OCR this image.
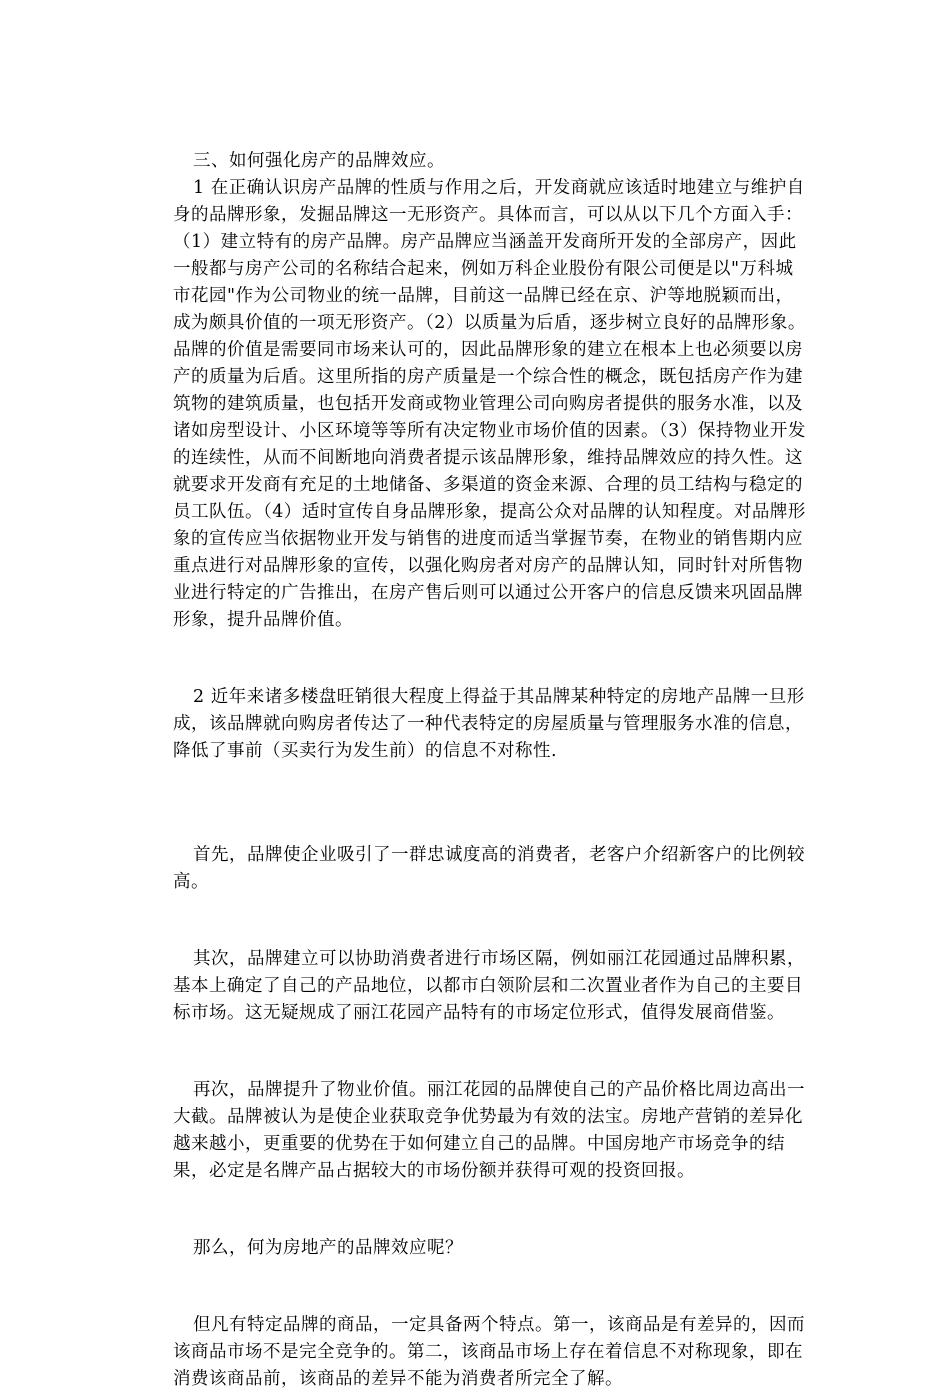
三、如何强化房产的品牌效应。

1 在正确认识房产品牌的性质与作用之后，开发商就应该适时地建立与维护自身的品牌形象，发掘品牌这一无形资产。具体而言，可以从以下几个方面入手：（1）建立特有的房产品牌。房产品牌应当涵盖开发商所开发的全部房产，因此一般都与房产公司的名称结合起来，例如万科企业股份有限公司便是以"万科城市花园"作为公司物业的统一品牌，目前这一品牌已经在京、沪等地脱颖而出，成为颇具价值的一项无形资产。（2）以质量为后盾，逐步树立良好的品牌形象。品牌的价值是需要同市场来认可的，因此品牌形象的建立在根本上也必须要以房产的质量为后盾。这里所指的房产质量是一个综合性的概念，既包括房产作为建筑物的建筑质量，也包括开发商或物业管理公司向购房者提供的服务水准，以及诸如房型设计、小区环境等等所有决定物业市场价值的因素。（3）保持物业开发的连续性，从而不间断地向消费者提示该品牌形象，维持品牌效应的持久性。这就要求开发商有充足的土地储备、多渠道的资金来源、合理的员工结构与稳定的员工队伍。（4）适时宣传自身品牌形象，提高公众对品牌的认知程度。对品牌形象的宣传应当依据物业开发与销售的进度而适当掌握节奏，在物业的销售期内应重点进行对品牌形象的宣传，以强化购房者对房产的品牌认知，同时针对所售物业进行特定的广告推出，在房产售后则可以通过公开客户的信息反馈来巩固品牌形象，提升品牌价值。

2 近年来诸多楼盘旺销很大程度上得益于其品牌某种特定的房地产品牌一旦形成，该品牌就向购房者传达了一种代表特定的房屋质量与管理服务水准的信息，降低了事前（买卖行为发生前）的信息不对称性.

首先，品牌使企业吸引了一群忠诚度高的消费者，老客户介绍新客户的比例较高。

其次，品牌建立可以协助消费者进行市场区隔，例如丽江花园通过品牌积累，基本上确定了自己的产品地位，以都市白领阶层和二次置业者作为自己的主要目标市场。这无疑规成了丽江花园产品特有的市场定位形式，值得发展商借鉴。

再次，品牌提升了物业价值。丽江花园的品牌使自己的产品价格比周边高出一大截。品牌被认为是使企业获取竞争优势最为有效的法宝。房地产营销的差异化越来越小，更重要的优势在于如何建立自己的品牌。中国房地产市场竞争的结果，必定是名牌产品占据较大的市场份额并获得可观的投资回报。

那么，何为房地产的品牌效应呢？

但凡有特定品牌的商品，一定具备两个特点。第一，该商品是有差异的，因而该商品市场不是完全竞争的。第二，该商品市场上存在着信息不对称现象，即在消费该商品前，该商品的差异不能为消费者所完全了解。
